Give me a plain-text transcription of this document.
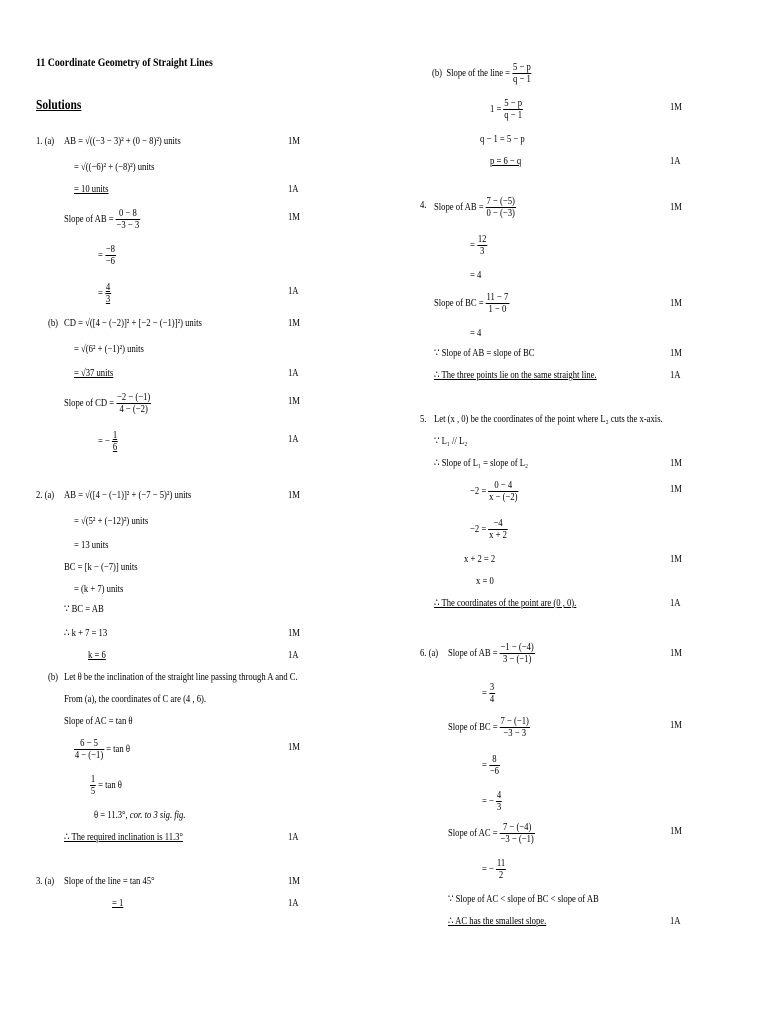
11 Coordinate Geometry of Straight Lines
Solutions
1. (a) AB = √((−3 − 3)² + (0 − 8)²) units	1M
= √((−6)² + (−8)²) units
= 10 units	1A
Slope of AB = $\frac{0 - 8}{-3 - 3}$	1M
= $\frac{-8}{-6}$
= $\frac{4}{3}$	1A
(b) CD = √([4 − (−2)]² + [−2 − (−1)]²) units	1M
= √(6² + (−1)²) units
= √37 units	1A
Slope of CD = $\frac{-2 - (-1)}{4 - (-2)}$	1M
= − $\frac{1}{6}$	1A
2. (a) AB = √([4 − (−1)]² + (−7 − 5)²) units	1M
= √(5² + (−12)²) units
= 13 units
BC = [k − (−7)] units
= (k + 7) units
∵ BC = AB
∴ k + 7 = 13	1M
k = 6	1A
(b) Let θ be the inclination of the straight line passing through A and C.
From (a), the coordinates of C are (4 , 6).
Slope of AC = tan θ
$\frac{6 - 5}{4 - (-1)} = \tan \theta$	1M
$\frac{1}{5} = \tan \theta$
θ = 11.3°, cor. to 3 sig. fig.
∴ The required inclination is 11.3°	1A
3. (a) Slope of the line = tan 45°	1M
= 1	1A
(b) Slope of the line = $\frac{5 - p}{q - 1}$
$1 = \frac{5 - p}{q - 1}$	1M
q − 1 = 5 − p
p = 6 − q	1A
4. Slope of AB = $\frac{7 - (-5)}{0 - (-3)}$	1M
= $\frac{12}{3}$
= 4
Slope of BC = $\frac{11 - 7}{1 - 0}$	1M
= 4
∵ Slope of AB = slope of BC	1M
∴ The three points lie on the same straight line.	1A
5. Let (x , 0) be the coordinates of the point where L₂ cuts the x-axis.
∵ L₁ // L₂
∴ Slope of L₁ = slope of L₂	1M
$-2 = \frac{0 - 4}{x - (-2)}$	1M
$-2 = \frac{-4}{x + 2}$
x + 2 = 2	1M
x = 0
∴ The coordinates of the point are (0 , 0).	1A
6. (a) Slope of AB = $\frac{-1 - (-4)}{3 - (-1)}$	1M
= $\frac{3}{4}$
Slope of BC = $\frac{7 - (-1)}{-3 - 3}$	1M
= $\frac{8}{-6}$
= − $\frac{4}{3}$
Slope of AC = $\frac{7 - (-4)}{-3 - (-1)}$	1M
= − $\frac{11}{2}$
∵ Slope of AC < slope of BC < slope of AB
∴ AC has the smallest slope.	1A
